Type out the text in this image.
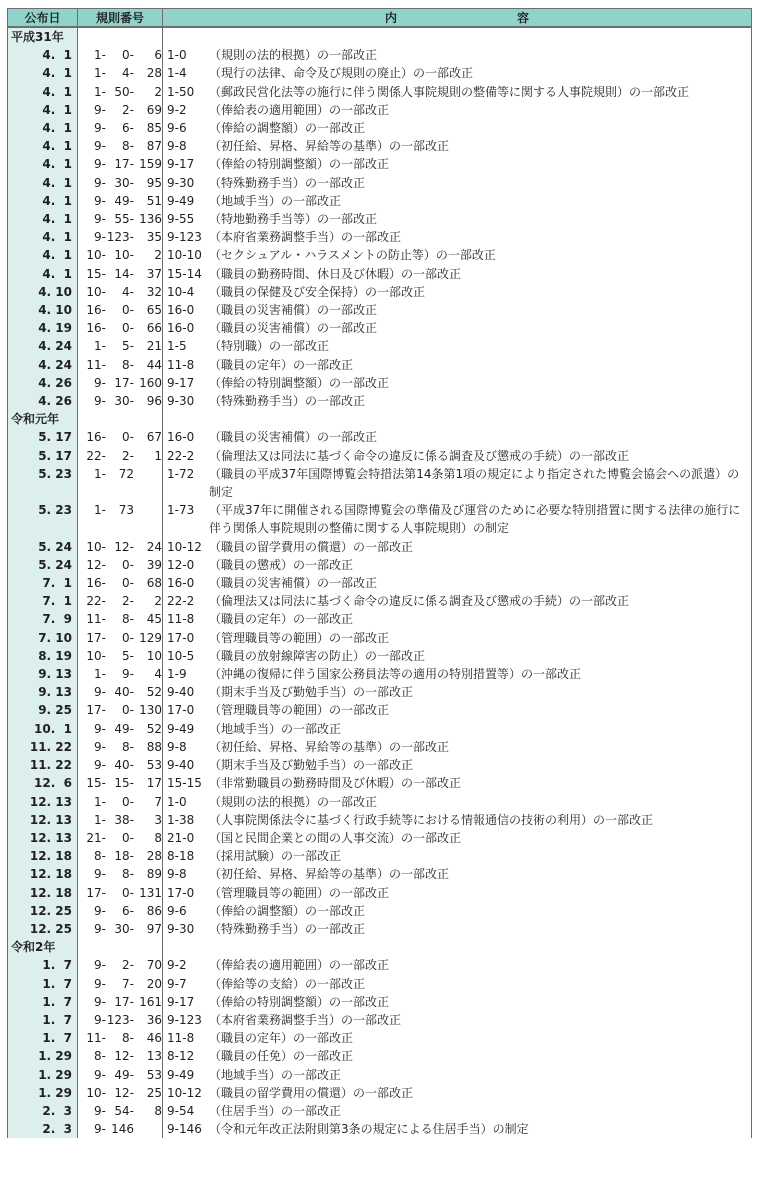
公布日	規則番号	内 容
平成31年		
4.  1	1- 0- 6	1-0 （規則の法的根拠）の一部改正

4.  1	1- 4- 28	1-4 （現行の法律、命令及び規則の廃止）の一部改正

4.  1	1- 50- 2	1-50 （郵政民営化法等の施行に伴う関係人事院規則の整備等に関する人事院規則）の一部改正

4.  1	9- 2- 69	9-2 （俸給表の適用範囲）の一部改正

4.  1	9- 6- 85	9-6 （俸給の調整額）の一部改正

4.  1	9- 8- 87	9-8 （初任給、昇格、昇給等の基準）の一部改正

4.  1	9- 17- 159	9-17 （俸給の特別調整額）の一部改正

4.  1	9- 30- 95	9-30 （特殊勤務手当）の一部改正

4.  1	9- 49- 51	9-49 （地域手当）の一部改正

4.  1	9- 55- 136	9-55 （特地勤務手当等）の一部改正

4.  1	9- 123- 35	9-123 （本府省業務調整手当）の一部改正

4.  1	10- 10- 2	10-10 （セクシュアル・ハラスメントの防止等）の一部改正

4.  1	15- 14- 37	15-14 （職員の勤務時間、休日及び休暇）の一部改正

4. 10	10- 4- 32	10-4 （職員の保健及び安全保持）の一部改正

4. 10	16- 0- 65	16-0 （職員の災害補償）の一部改正

4. 19	16- 0- 66	16-0 （職員の災害補償）の一部改正

4. 24	1- 5- 21	1-5 （特別職）の一部改正

4. 24	11- 8- 44	11-8 （職員の定年）の一部改正

4. 26	9- 17- 160	9-17 （俸給の特別調整額）の一部改正

4. 26	9- 30- 96	9-30 （特殊勤務手当）の一部改正

令和元年		
5. 17	16- 0- 67	16-0 （職員の災害補償）の一部改正

5. 17	22- 2- 1	22-2 （倫理法又は同法に基づく命令の違反に係る調査及び懲戒の手続）の一部改正

5. 23	1- 72	1-72 （職員の平成37年国際博覧会特措法第14条第1項の規定により指定された博覧会協会への派遣）の制定

5. 23	1- 73	1-73 （平成37年に開催される国際博覧会の準備及び運営のために必要な特別措置に関する法律の施行に伴う関係人事院規則の整備に関する人事院規則）の制定

5. 24	10- 12- 24	10-12 （職員の留学費用の償還）の一部改正

5. 24	12- 0- 39	12-0 （職員の懲戒）の一部改正

7.  1	16- 0- 68	16-0 （職員の災害補償）の一部改正

7.  1	22- 2- 2	22-2 （倫理法又は同法に基づく命令の違反に係る調査及び懲戒の手続）の一部改正

7.  9	11- 8- 45	11-8 （職員の定年）の一部改正

7. 10	17- 0- 129	17-0 （管理職員等の範囲）の一部改正

8. 19	10- 5- 10	10-5 （職員の放射線障害の防止）の一部改正

9. 13	1- 9- 4	1-9 （沖縄の復帰に伴う国家公務員法等の適用の特別措置等）の一部改正

9. 13	9- 40- 52	9-40 （期末手当及び勤勉手当）の一部改正

9. 25	17- 0- 130	17-0 （管理職員等の範囲）の一部改正

10.  1	9- 49- 52	9-49 （地域手当）の一部改正

11. 22	9- 8- 88	9-8 （初任給、昇格、昇給等の基準）の一部改正

11. 22	9- 40- 53	9-40 （期末手当及び勤勉手当）の一部改正

12.  6	15- 15- 17	15-15 （非常勤職員の勤務時間及び休暇）の一部改正

12. 13	1- 0- 7	1-0 （規則の法的根拠）の一部改正

12. 13	1- 38- 3	1-38 （人事院関係法令に基づく行政手続等における情報通信の技術の利用）の一部改正

12. 13	21- 0- 8	21-0 （国と民間企業との間の人事交流）の一部改正

12. 18	8- 18- 28	8-18 （採用試験）の一部改正

12. 18	9- 8- 89	9-8 （初任給、昇格、昇給等の基準）の一部改正

12. 18	17- 0- 131	17-0 （管理職員等の範囲）の一部改正

12. 25	9- 6- 86	9-6 （俸給の調整額）の一部改正

12. 25	9- 30- 97	9-30 （特殊勤務手当）の一部改正

令和2年		
1.  7	9- 2- 70	9-2 （俸給表の適用範囲）の一部改正

1.  7	9- 7- 20	9-7 （俸給等の支給）の一部改正

1.  7	9- 17- 161	9-17 （俸給の特別調整額）の一部改正

1.  7	9- 123- 36	9-123 （本府省業務調整手当）の一部改正

1.  7	11- 8- 46	11-8 （職員の定年）の一部改正

1. 29	8- 12- 13	8-12 （職員の任免）の一部改正

1. 29	9- 49- 53	9-49 （地域手当）の一部改正

1. 29	10- 12- 25	10-12 （職員の留学費用の償還）の一部改正

2.  3	9- 54- 8	9-54 （住居手当）の一部改正

2.  3	9- 146	9-146 （令和元年改正法附則第3条の規定による住居手当）の制定
